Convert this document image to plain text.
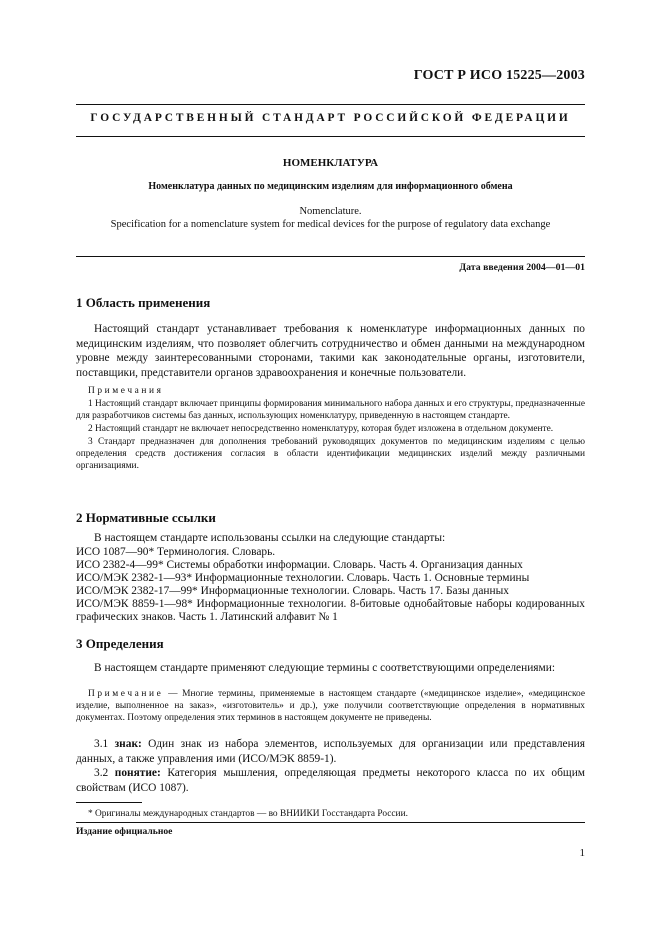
ГОСТ Р ИСО 15225—2003
ГОСУДАРСТВЕННЫЙ СТАНДАРТ РОССИЙСКОЙ ФЕДЕРАЦИИ
НОМЕНКЛАТУРА
Номенклатура данных по медицинским изделиям для информационного обмена
Nomenclature.
Specification for a nomenclature system for medical devices for the purpose of regulatory data exchange
Дата введения 2004—01—01
1 Область применения

Настоящий стандарт устанавливает требования к номенклатуре информационных данных по медицинским изделиям, что позволяет облегчить сотрудничество и обмен данными на международном уровне между заинтересованными сторонами, такими как законодательные органы, изготовители, поставщики, представители органов здравоохранения и конечные пользователи.

Примечания

1 Настоящий стандарт включает принципы формирования минимального набора данных и его структуры, предназначенные для разработчиков системы баз данных, использующих номенклатуру, приведенную в настоящем стандарте.

2 Настоящий стандарт не включает непосредственно номенклатуру, которая будет изложена в отдельном документе.

3 Стандарт предназначен для дополнения требований руководящих документов по медицинским изделиям с целью определения средств достижения согласия в области идентификации медицинских изделий между различными организациями.

2 Нормативные ссылки
В настоящем стандарте использованы ссылки на следующие стандарты:
ИСО 1087—90* Терминология. Словарь.
ИСО 2382-4—99* Системы обработки информации. Словарь. Часть 4. Организация данных
ИСО/МЭК 2382-1—93* Информационные технологии. Словарь. Часть 1. Основные термины
ИСО/МЭК 2382-17—99* Информационные технологии. Словарь. Часть 17. Базы данных

ИСО/МЭК 8859-1—98* Информационные технологии. 8-битовые однобайтовые наборы кодированных графических знаков. Часть 1. Латинский алфавит № 1

3 Определения
В настоящем стандарте применяют следующие термины с соответствующими определениями:

Примечание — Многие термины, применяемые в настоящем стандарте («медицинское изделие», «медицинское изделие, выполненное на заказ», «изготовитель» и др.), уже получили соответствующие определения в нормативных документах. Поэтому определения этих терминов в настоящем документе не приведены.

3.1 знак: Один знак из набора элементов, используемых для организации или представления данных, а также управления ими (ИСО/МЭК 8859-1).

3.2 понятие: Категория мышления, определяющая предметы некоторого класса по их общим свойствам (ИСО 1087).

* Оригиналы международных стандартов — во ВНИИКИ Госстандарта России.
Издание официальное
1
